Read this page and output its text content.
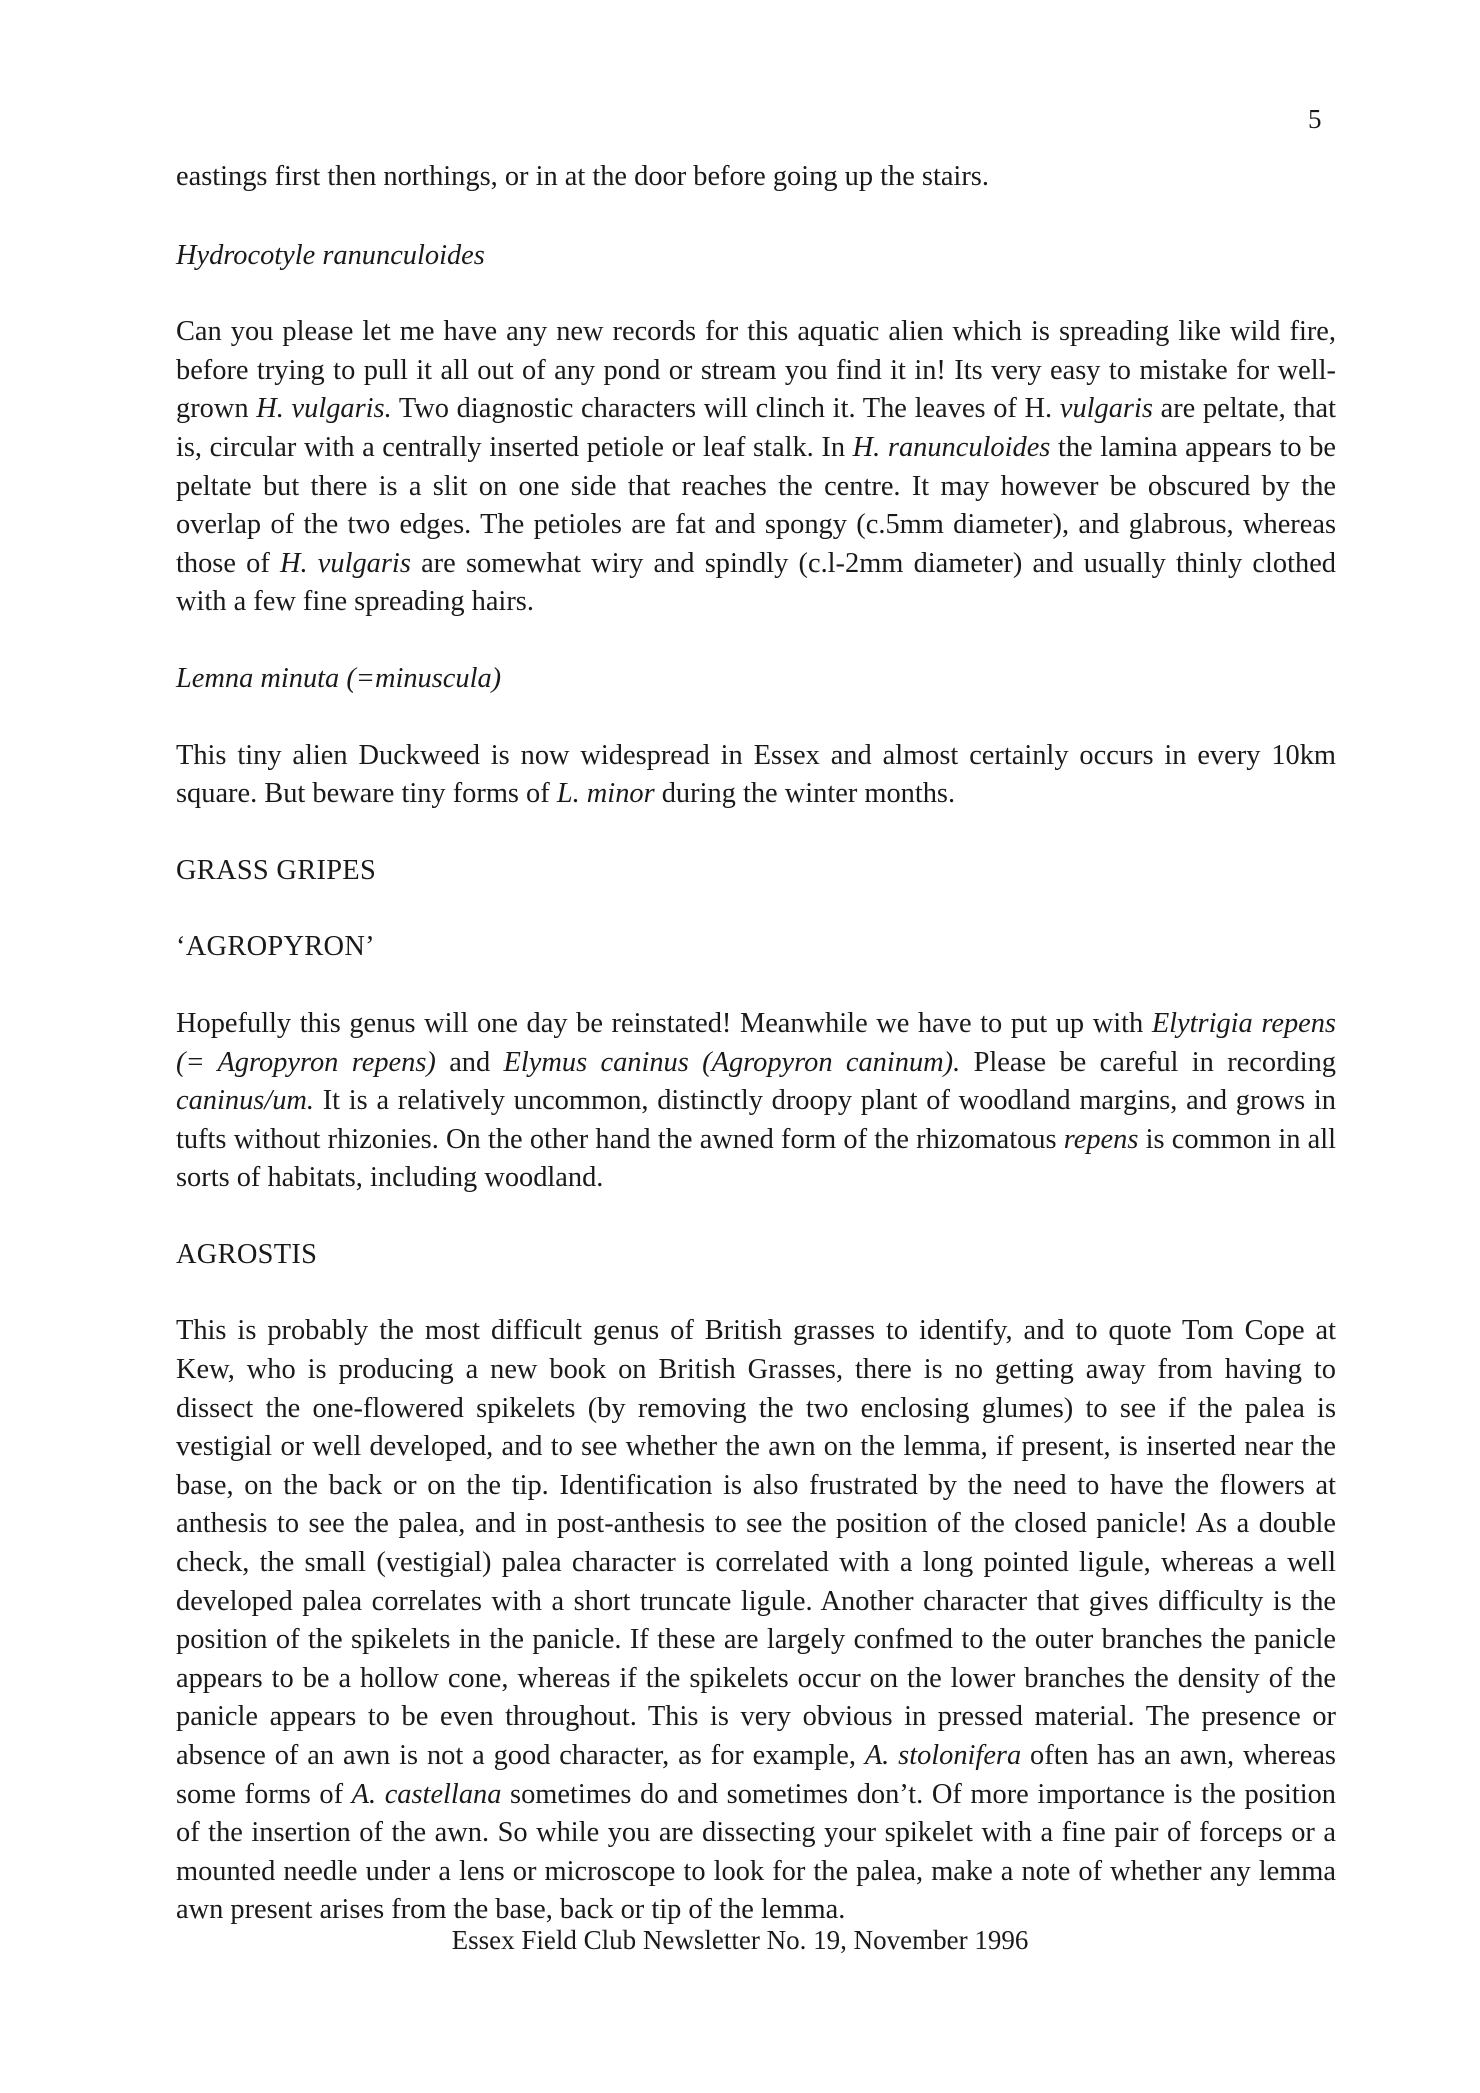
5

eastings first then northings, or in at the door before going up the stairs.

Hydrocotyle ranunculoides

Can you please let me have any new records for this aquatic alien which is spreading like wild fire, before trying to pull it all out of any pond or stream you find it in! Its very easy to mistake for well-grown H. vulgaris. Two diagnostic characters will clinch it. The leaves of H. vulgaris are peltate, that is, circular with a centrally inserted petiole or leaf stalk. In H. ranunculoides the lamina appears to be peltate but there is a slit on one side that reaches the centre. It may however be obscured by the overlap of the two edges. The petioles are fat and spongy (c.5mm diameter), and glabrous, whereas those of H. vulgaris are somewhat wiry and spindly (c.l-2mm diameter) and usually thinly clothed with a few fine spreading hairs.

Lemna minuta (=minuscula)

This tiny alien Duckweed is now widespread in Essex and almost certainly occurs in every 10km square. But beware tiny forms of L. minor during the winter months.

GRASS GRIPES

‘AGROPYRON’

Hopefully this genus will one day be reinstated! Meanwhile we have to put up with Elytrigia repens (= Agropyron repens) and Elymus caninus (Agropyron caninum). Please be careful in recording caninus/um. It is a relatively uncommon, distinctly droopy plant of woodland margins, and grows in tufts without rhizonies. On the other hand the awned form of the rhizomatous repens is common in all sorts of habitats, including woodland.

AGROSTIS

This is probably the most difficult genus of British grasses to identify, and to quote Tom Cope at Kew, who is producing a new book on British Grasses, there is no getting away from having to dissect the one-flowered spikelets (by removing the two enclosing glumes) to see if the palea is vestigial or well developed, and to see whether the awn on the lemma, if present, is inserted near the base, on the back or on the tip. Identification is also frustrated by the need to have the flowers at anthesis to see the palea, and in post-anthesis to see the position of the closed panicle! As a double check, the small (vestigial) palea character is correlated with a long pointed ligule, whereas a well developed palea correlates with a short truncate ligule. Another character that gives difficulty is the position of the spikelets in the panicle. If these are largely confmed to the outer branches the panicle appears to be a hollow cone, whereas if the spikelets occur on the lower branches the density of the panicle appears to be even throughout. This is very obvious in pressed material. The presence or absence of an awn is not a good character, as for example, A. stolonifera often has an awn, whereas some forms of A. castellana sometimes do and sometimes don’t. Of more importance is the position of the insertion of the awn. So while you are dissecting your spikelet with a fine pair of forceps or a mounted needle under a lens or microscope to look for the palea, make a note of whether any lemma awn present arises from the base, back or tip of the lemma.

Essex Field Club Newsletter No. 19, November 1996
